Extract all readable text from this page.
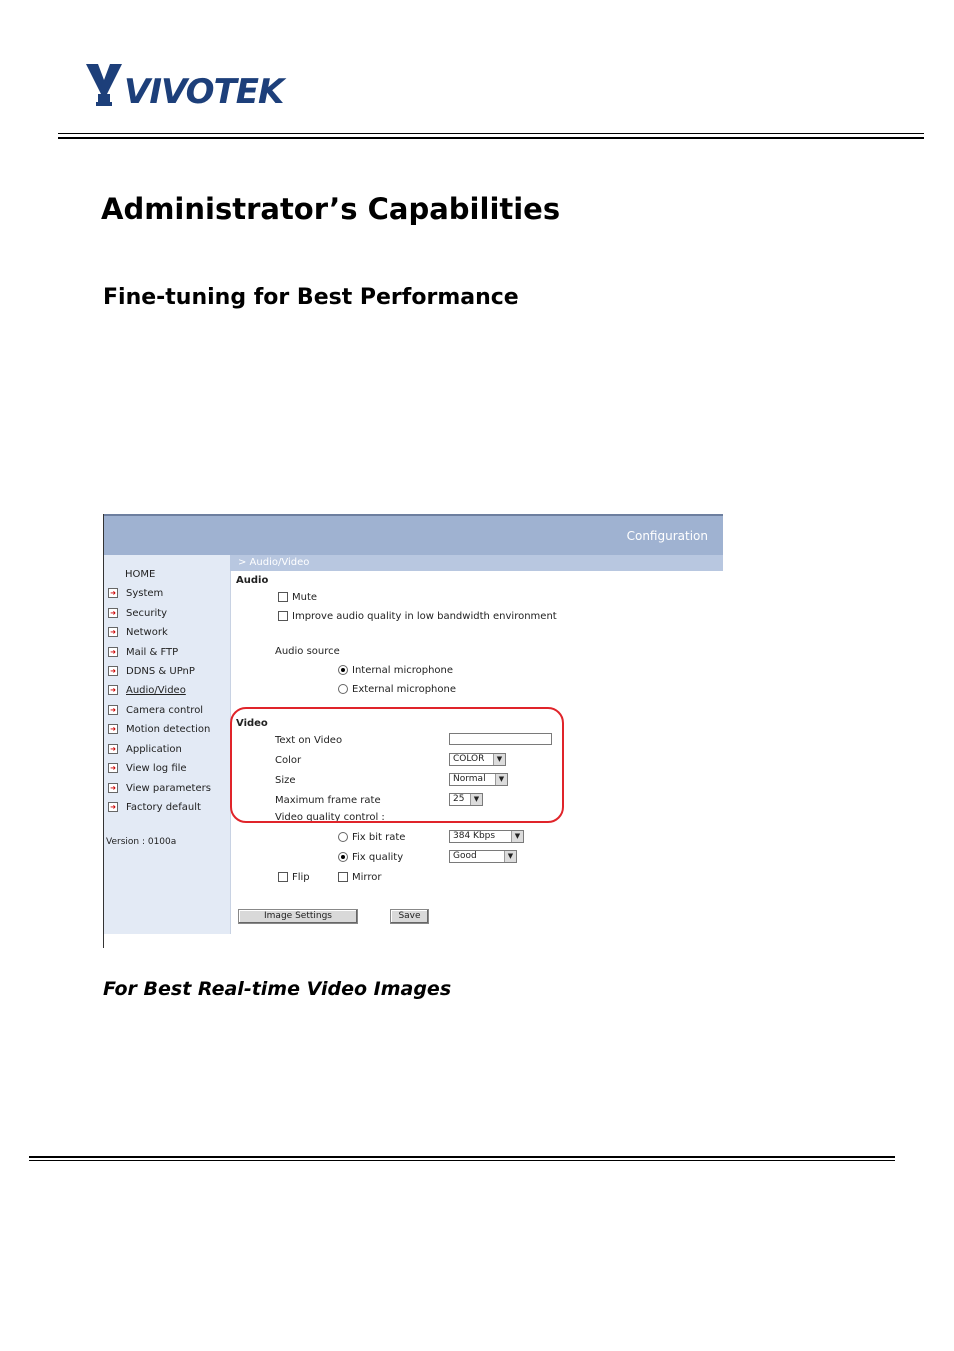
VIVOTEK
Administrator’s Capabilities
Fine-tuning for Best Performance
Configuration
HOME
➜ System
➜ Security
➜ Network
➜ Mail & FTP
➜ DDNS & UPnP
➜ Audio/Video
➜ Camera control
➜ Motion detection
➜ Application
➜ View log file
➜ View parameters
➜ Factory default
Version : 0100a
> Audio/Video
Audio
Mute
Improve audio quality in low bandwidth environment
Audio source
Internal microphone
External microphone
Video
Text on Video
Color	COLOR	▼
Size	Normal	▼
Maximum frame rate	25	▼
Video quality control :
Fix bit rate	384 Kbps	▼
Fix quality	Good	▼
Flip	Mirror
Image Settings	Save
For Best Real-time Video Images
